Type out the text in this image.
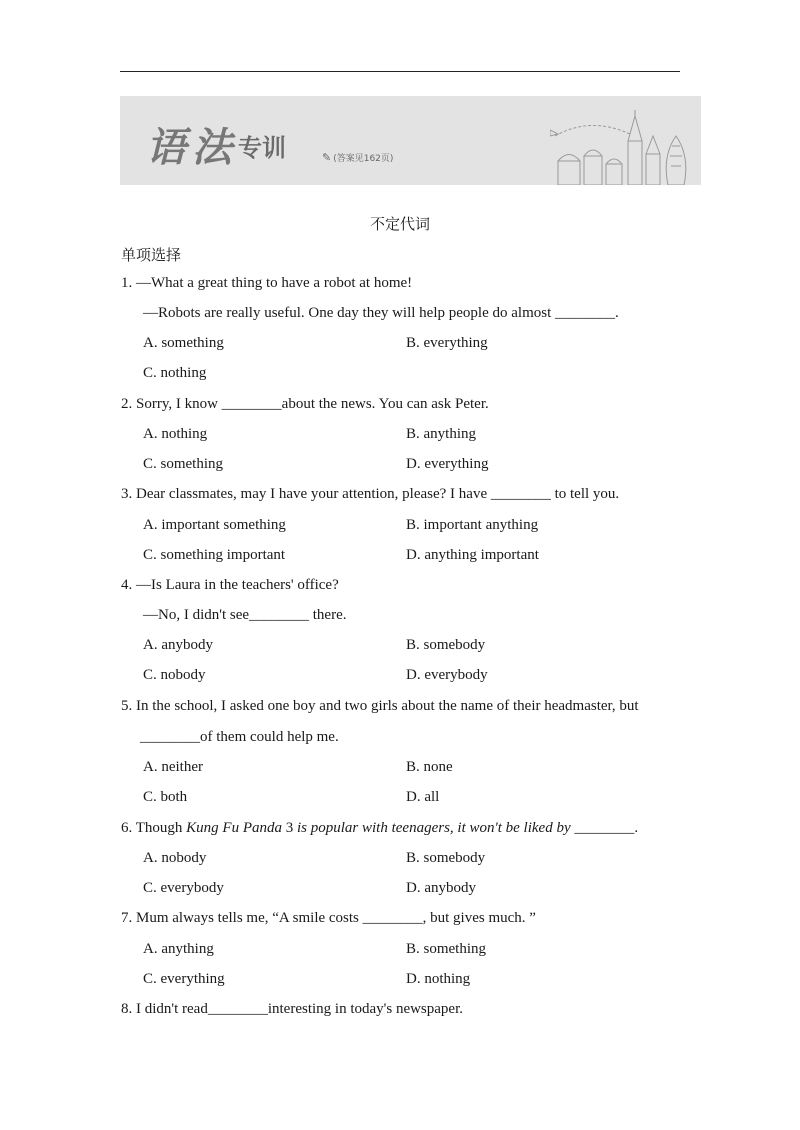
语法 专训	✎ (答案见162页)
不定代词
单项选择
1. —What a great thing to have a robot at home!
—Robots are really useful. One day they will help people do almost ________.
A. something	B. everything
C. nothing
2. Sorry, I know ________about the news. You can ask Peter.
A. nothing	B. anything
C. something	D. everything
3. Dear classmates, may I have your attention, please? I have ________ to tell you.
A. important something	B. important anything
C. something important	D. anything important
4. —Is Laura in the teachers' office?
—No, I didn't see________ there.
A. anybody	B. somebody
C. nobody	D. everybody
5. In the school, I asked one boy and two girls about the name of their headmaster, but
________of them could help me.
A. neither	B. none
C. both	D. all
6. Though Kung Fu Panda 3 is popular with teenagers, it won't be liked by ________.
A. nobody	B. somebody
C. everybody	D. anybody
7. Mum always tells me, “A smile costs ________, but gives much. ”
A. anything	B. something
C. everything	D. nothing
8. I didn't read________interesting in today's newspaper.
